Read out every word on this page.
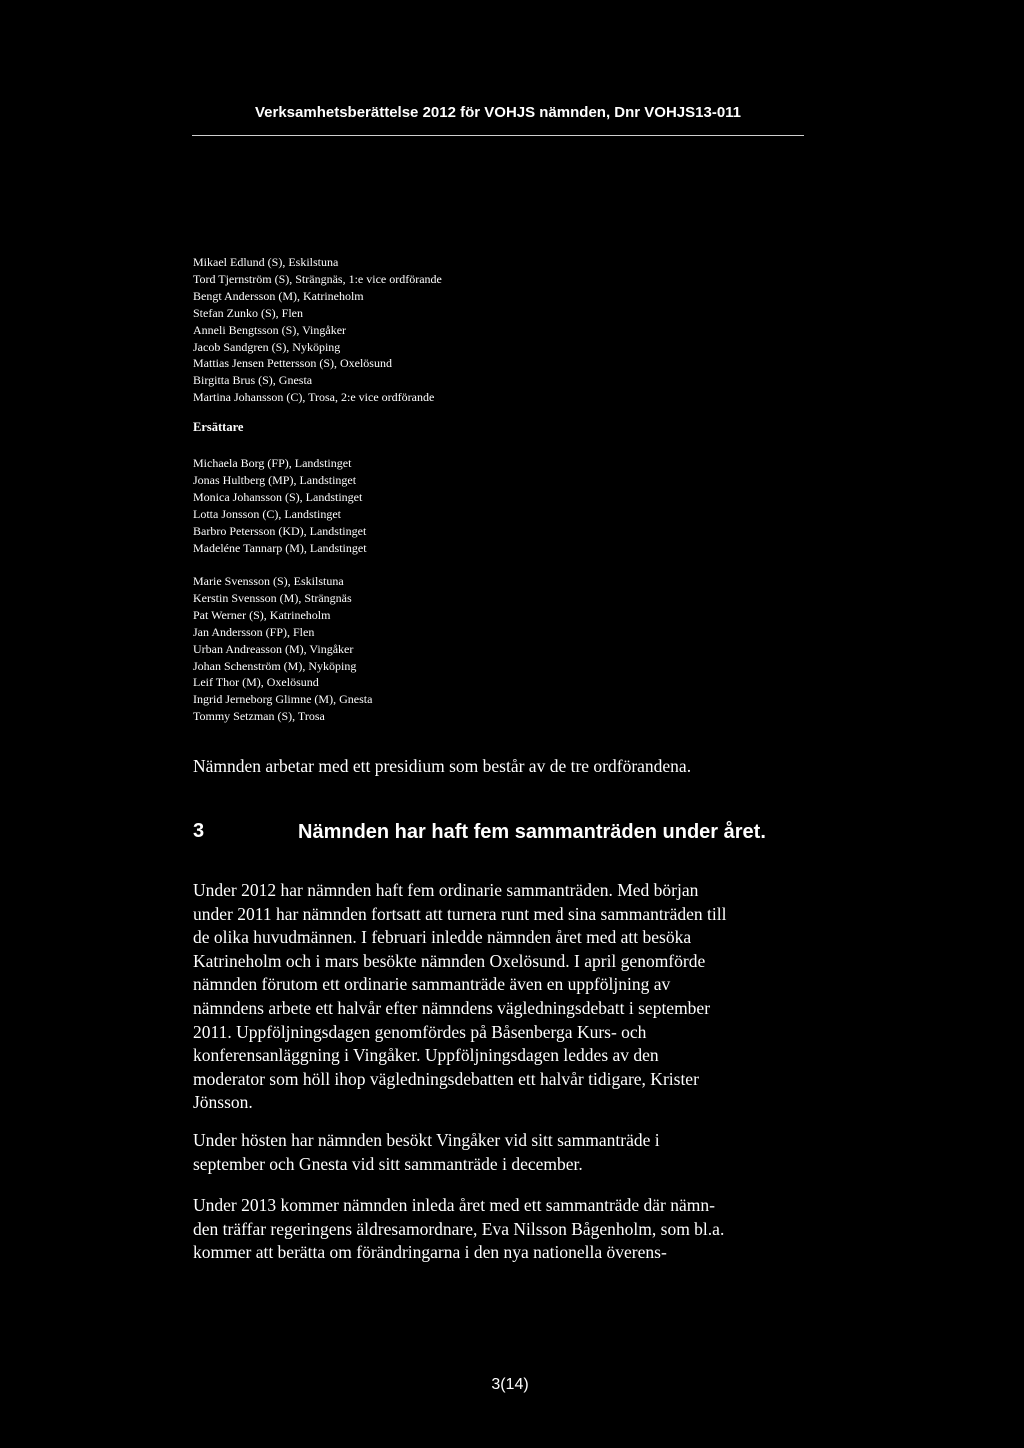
Verksamhetsberättelse 2012 för VOHJS nämnden, Dnr VOHJS13-011
Mikael Edlund (S), Eskilstuna
Tord Tjernström (S), Strängnäs, 1:e vice ordförande
Bengt Andersson (M), Katrineholm
Stefan Zunko (S), Flen
Anneli Bengtsson (S), Vingåker
Jacob Sandgren (S), Nyköping
Mattias Jensen Pettersson (S), Oxelösund
Birgitta Brus (S), Gnesta
Martina Johansson (C), Trosa, 2:e vice ordförande
Ersättare
Michaela Borg (FP), Landstinget
Jonas Hultberg (MP), Landstinget
Monica Johansson (S), Landstinget
Lotta Jonsson (C), Landstinget
Barbro Petersson (KD), Landstinget
Madeléne Tannarp (M), Landstinget
Marie Svensson (S), Eskilstuna
Kerstin Svensson (M), Strängnäs
Pat Werner (S), Katrineholm
Jan Andersson (FP), Flen
Urban Andreasson (M), Vingåker
Johan Schenström (M), Nyköping
Leif Thor (M), Oxelösund
Ingrid Jerneborg Glimne (M), Gnesta
Tommy Setzman (S), Trosa
Nämnden arbetar med ett presidium som består av de tre ordförandena.
3	Nämnden har haft fem sammanträden under året.
Under 2012 har nämnden haft fem ordinarie sammanträden. Med början
under 2011 har nämnden fortsatt att turnera runt med sina sammanträden till
de olika huvudmännen. I februari inledde nämnden året med att besöka
Katrineholm och i mars besökte nämnden Oxelösund. I april genomförde
nämnden förutom ett ordinarie sammanträde även en uppföljning av
nämndens arbete ett halvår efter nämndens vägledningsdebatt i september
2011. Uppföljningsdagen genomfördes på Båsenberga Kurs- och
konferensanläggning i Vingåker. Uppföljningsdagen leddes av den
moderator som höll ihop vägledningsdebatten ett halvår tidigare, Krister
Jönsson.
Under hösten har nämnden besökt Vingåker vid sitt sammanträde i
september och Gnesta vid sitt sammanträde i december.
Under 2013 kommer nämnden inleda året med ett sammanträde där nämn-
den träffar regeringens äldresamordnare, Eva Nilsson Bågenholm, som bl.a.
kommer att berätta om förändringarna i den nya nationella överens-
3(14)
